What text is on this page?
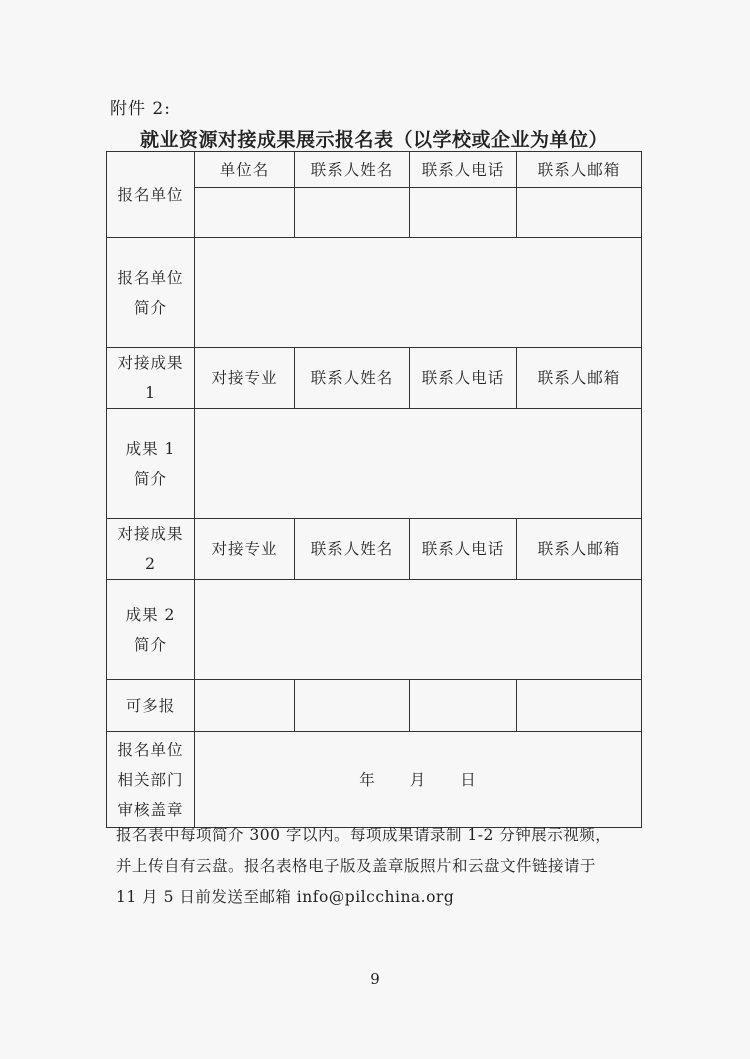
附件 2:
就业资源对接成果展示报名表（以学校或企业为单位）
报名单位	单位名	联系人姓名	联系人电话	联系人邮箱

报名单位
简介				

对接成果
1	对接专业	联系人姓名	联系人电话	联系人邮箱

成果 1
简介				

对接成果
2	对接专业	联系人姓名	联系人电话	联系人邮箱

成果 2
简介				

可多报				

报名单位
相关部门
审核盖章	年 月 日			
报名表中每项简介 300 字以内。每项成果请录制 1-2 分钟展示视频，
并上传自有云盘。报名表格电子版及盖章版照片和云盘文件链接请于
11 月 5 日前发送至邮箱 info@pilcchina.org
9
